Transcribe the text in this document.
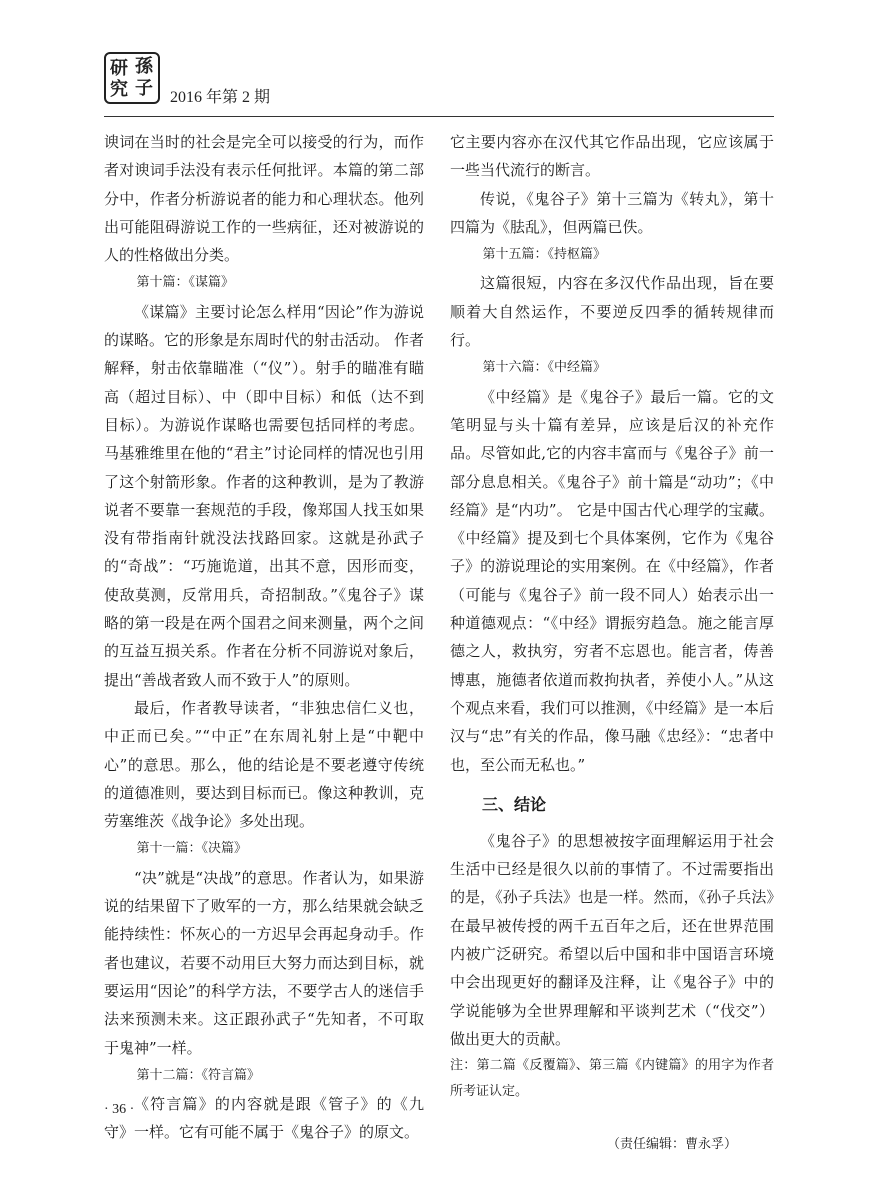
研
究
孫
子 2016 年第 2 期

谀词在当时的社会是完全可以接受的行为，而作者对谀词手法没有表示任何批评。本篇的第二部分中，作者分析游说者的能力和心理状态。他列出可能阻碍游说工作的一些病征，还对被游说的人的性格做出分类。

第十篇：《谋篇》

《谋篇》主要讨论怎么样用“因论”作为游说的谋略。它的形象是东周时代的射击活动。 作者解释，射击依靠瞄准（“仪”）。射手的瞄准有瞄高（超过目标）、中（即中目标）和低（达不到目标）。为游说作谋略也需要包括同样的考虑。马基雅维里在他的“君主”讨论同样的情况也引用了这个射箭形象。作者的这种教训，是为了教游说者不要靠一套规范的手段，像郑国人找玉如果没有带指南针就没法找路回家。这就是孙武子的“奇战”：“巧施诡道，出其不意，因形而变，使敌莫测，反常用兵，奇招制敌。”《鬼谷子》谋略的第一段是在两个国君之间来测量，两个之间的互益互损关系。作者在分析不同游说对象后，提出“善战者致人而不致于人”的原则。

最后，作者教导读者，“非独忠信仁义也，中正而已矣。”“中正”在东周礼射上是“中靶中心”的意思。那么，他的结论是不要老遵守传统的道德准则，要达到目标而已。像这种教训，克劳塞维茨《战争论》多处出现。

第十一篇：《决篇》

“决”就是“决战”的意思。作者认为，如果游说的结果留下了败军的一方，那么结果就会缺乏能持续性：怀灰心的一方迟早会再起身动手。作者也建议，若要不动用巨大努力而达到目标，就要运用“因论”的科学方法，不要学古人的迷信手法来预测未来。这正跟孙武子“先知者，不可取于鬼神”一样。

第十二篇：《符言篇》

《符言篇》的内容就是跟《管子》的《九守》一样。它有可能不属于《鬼谷子》的原文。

它主要内容亦在汉代其它作品出现，它应该属于一些当代流行的断言。

传说，《鬼谷子》第十三篇为《转丸》，第十四篇为《胠乱》，但两篇已佚。

第十五篇：《持枢篇》

这篇很短，内容在多汉代作品出现，旨在要顺着大自然运作，不要逆反四季的循转规律而行。

第十六篇：《中经篇》

《中经篇》是《鬼谷子》最后一篇。它的文笔明显与头十篇有差异，应该是后汉的补充作品。尽管如此,它的内容丰富而与《鬼谷子》前一部分息息相关。《鬼谷子》前十篇是“动功”；《中经篇》是“内功”。 它是中国古代心理学的宝藏。《中经篇》提及到七个具体案例，它作为《鬼谷子》的游说理论的实用案例。在《中经篇》，作者（可能与《鬼谷子》前一段不同人）始表示出一种道德观点：“《中经》谓振穷趋急。施之能言厚德之人，救执穷，穷者不忘恩也。能言者，俦善博惠，施德者依道而救拘执者，养使小人。”从这个观点来看，我们可以推测，《中经篇》是一本后汉与“忠”有关的作品，像马融《忠经》：“忠者中也，至公而无私也。”

三、结论

《鬼谷子》的思想被按字面理解运用于社会生活中已经是很久以前的事情了。不过需要指出的是，《孙子兵法》也是一样。然而，《孙子兵法》在最早被传授的两千五百年之后，还在世界范围内被广泛研究。希望以后中国和非中国语言环境中会出现更好的翻译及注释，让《鬼谷子》中的学说能够为全世界理解和平谈判艺术（“伐交”）做出更大的贡献。

注：第二篇《反覆篇》、第三篇《内键篇》的用字为作者所考证认定。

（责任编辑：曹永孚）

· 36 ·
